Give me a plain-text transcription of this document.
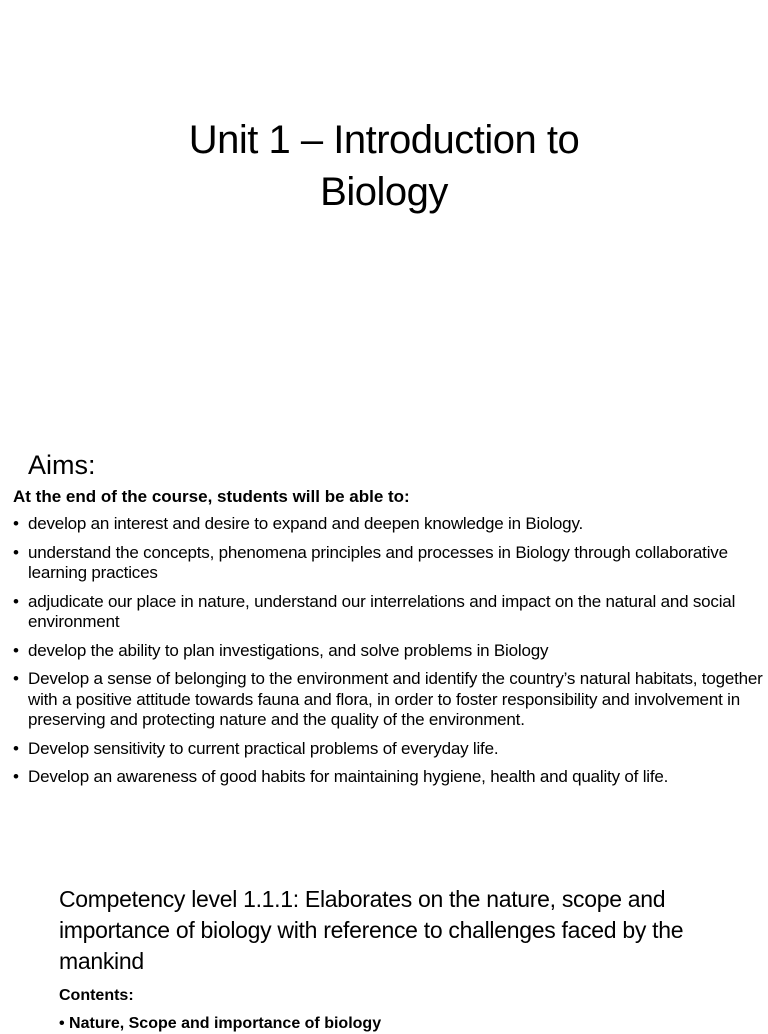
Unit 1 – Introduction to
Biology
Aims:
At the end of the course, students will be able to:
• develop an interest and desire to expand and deepen knowledge in Biology.
• understand the concepts, phenomena principles and processes in Biology through collaborative learning practices
• adjudicate our place in nature, understand our interrelations and impact on the natural and social environment
• develop the ability to plan investigations, and solve problems in Biology
• Develop a sense of belonging to the environment and identify the country’s natural habitats, together with a positive attitude towards fauna and flora, in order to foster responsibility and involvement in preserving and protecting nature and the quality of the environment.
• Develop sensitivity to current practical problems of everyday life.
• Develop an awareness of good habits for maintaining hygiene, health and quality of life.
Competency level 1.1.1: Elaborates on the nature, scope and importance of biology with reference to challenges faced by the mankind
Contents:
• Nature, Scope and importance of biology
